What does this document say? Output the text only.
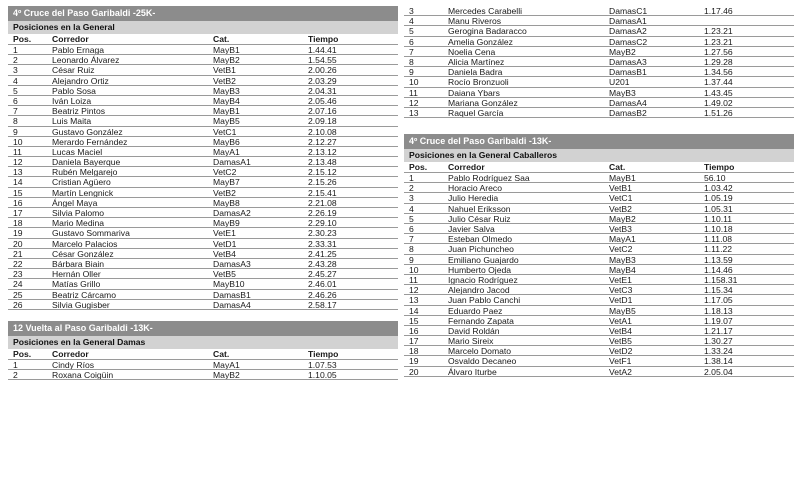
4º Cruce del Paso Garibaldi -25K-
Posiciones en la General
Pos. Corredor	Cat.	Tiempo
1	Pablo Ernaga	MayB1	1.44.41
2	Leonardo Álvarez	MayB2	1.54.55
3	César Ruiz	VetB1	2.00.26
4	Alejandro Ortiz	VetB2	2.03.29
5	Pablo Sosa	MayB3	2.04.31
6	Iván Loiza	MayB4	2.05.46
7	Beatriz Pintos	MayB1	2.07.16
8	Luis Maita	MayB5	2.09.18
9	Gustavo González	VetC1	2.10.08
10	Merardo Fernández	MayB6	2.12.27
11	Lucas Maciel	MayA1	2.13.12
12	Daniela Bayerque	DamasA1	2.13.48
13	Rubén Melgarejo	VetC2	2.15.12
14	Cristian Agüero	MayB7	2.15.26
15	Martín Lengnick	VetB2	2.15.41
16	Ángel Maya	MayB8	2.21.08
17	Silvia Palomo	DamasA2	2.26.19
18	Mario Medina	MayB9	2.29.10
19	Gustavo Sommariva	VetE1	2.30.23
20	Marcelo Palacios	VetD1	2.33.31
21	César González	VetB4	2.41.25
22	Bárbara Biain	DamasA3	2.43.28
23	Hernán Oller	VetB5	2.45.27
24	Matías Grillo	MayB10	2.46.01
25	Beatriz Cárcamo	DamasB1	2.46.26
26	Silvia Gugisber	DamasA4	2.58.17
12 Vuelta al Paso Garibaldi -13K-
Posiciones en la General Damas
Pos. Corredor	Cat.	Tiempo
1	Cindy Ríos	MayA1	1.07.53
2	Roxana Coigüin	MayB2	1.10.05
3	Mercedes Carabelli	DamasC1	1.17.46
4	Manu Riveros	DamasA1
5	Gerogina Badaracco	DamasA2	1.23.21
6	Amelia González	DamasC2	1.23.21
7	Noelia Cena	MayB2	1.27.56
8	Alicia Martínez	DamasA3	1.29.28
9	Daniela Badra	DamasB1	1.34.56
10	Rocío Bronzuoli	U201	1.37.44
11	Daiana Ybars	MayB3	1.43.45
12	Mariana González	DamasA4	1.49.02
13	Raquel García	DamasB2	1.51.26
4º Cruce del Paso Garibaldi -13K-
Posiciones en la General Caballeros
Pos. Corredor	Cat.	Tiempo
1	Pablo Rodríguez Saa	MayB1	56.10
2	Horacio Areco	VetB1	1.03.42
3	Julio Heredia	VetC1	1.05.19
4	Nahuel Eriksson	VetB2	1.05.31
5	Julio César Ruiz	MayB2	1.10.11
6	Javier Salva	VetB3	1.10.18
7	Esteban Olmedo	MayA1	1.11.08
8	Juan Pichuncheo	VetC2	1.11.22
9	Emiliano Guajardo	MayB3	1.13.59
10	Humberto Ojeda	MayB4	1.14.46
11	Ignacio Rodríguez	VetE1	1.158.31
12	Alejandro Jacod	VetC3	1.15.34
13	Juan Pablo Canchi	VetD1	1.17.05
14	Eduardo Paez	MayB5	1.18.13
15	Fernando Zapata	VetA1	1.19.07
16	David Roldán	VetB4	1.21.17
17	Mario Sireix	VetB5	1.30.27
18	Marcelo Domato	VetD2	1.33.24
19	Osvaldo Decaneo	VetF1	1.38.14
20	Álvaro Iturbe	VetA2	2.05.04
